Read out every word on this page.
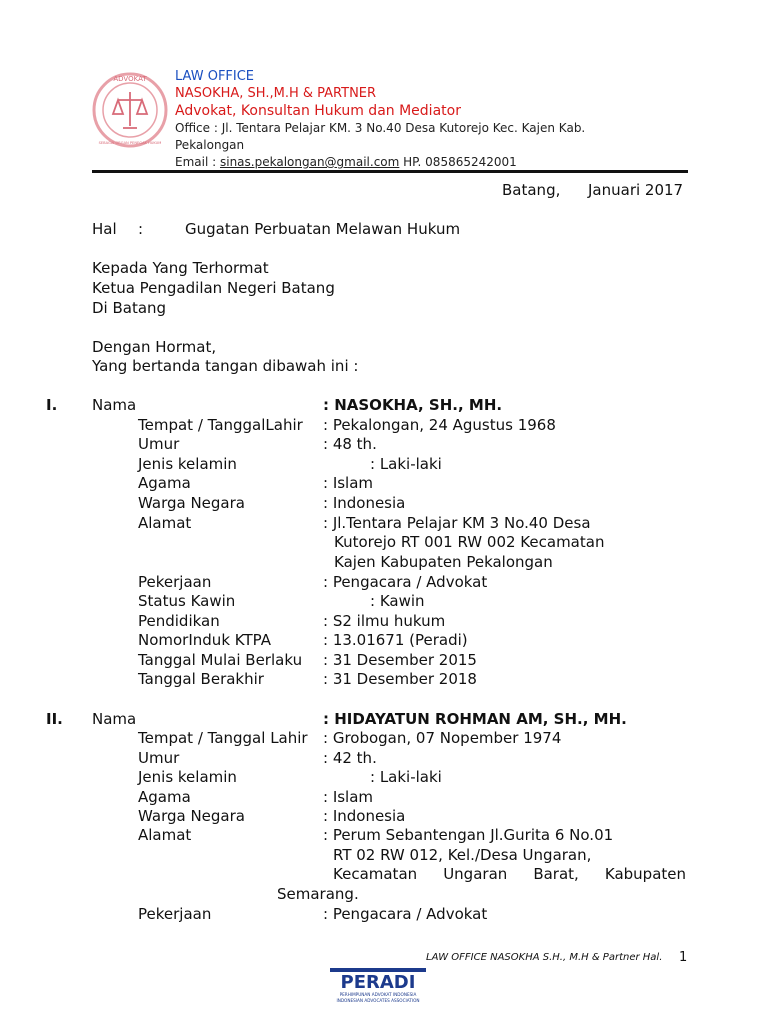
ADVOKAT
SEBAGAI ORGAN PENEGAK HUKUM
LAW OFFICE
NASOKHA, SH.,M.H & PARTNER
Advokat, Konsultan Hukum dan Mediator
Office : Jl. Tentara Pelajar KM. 3 No.40 Desa Kutorejo Kec. Kajen Kab.
Pekalongan
Email : sinas.pekalongan@gmail.com HP. 085865242001
Batang, Januari 2017
Hal :	Gugatan Perbuatan Melawan Hukum
Kepada Yang Terhormat
Ketua Pengadilan Negeri Batang
Di Batang
Dengan Hormat,
Yang bertanda tangan dibawah ini :
I. Nama	: NASOKHA, SH., MH.
Tempat / TanggalLahir : Pekalongan, 24 Agustus 1968
Umur	: 48 th.
Jenis kelamin	: Laki-laki
Agama	: Islam
Warga Negara	: Indonesia
Alamat	: Jl.Tentara Pelajar KM 3 No.40 Desa
Kutorejo RT 001 RW 002 Kecamatan
Kajen Kabupaten Pekalongan
Pekerjaan	: Pengacara / Advokat
Status Kawin	: Kawin
Pendidikan	: S2 ilmu hukum
NomorInduk KTPA	: 13.01671 (Peradi)
Tanggal Mulai Berlaku : 31 Desember 2015
Tanggal Berakhir	: 31 Desember 2018
II. Nama	: HIDAYATUN ROHMAN AM, SH., MH.
Tempat / Tanggal Lahir : Grobogan, 07 Nopember 1974
Umur	: 42 th.
Jenis kelamin	: Laki-laki
Agama	: Islam
Warga Negara	: Indonesia
Alamat	: Perum Sebantengan Jl.Gurita 6 No.01
RT 02 RW 012, Kel./Desa Ungaran,
Kecamatan Ungaran Barat, Kabupaten
Semarang.
Pekerjaan	: Pengacara / Advokat
LAW OFFICE NASOKHA S.H., M.H & Partner Hal. 1
PERADI
PERHIMPUNAN ADVOKAT INDONESIA
INDONESIAN ADVOCATES ASSOCIATION
